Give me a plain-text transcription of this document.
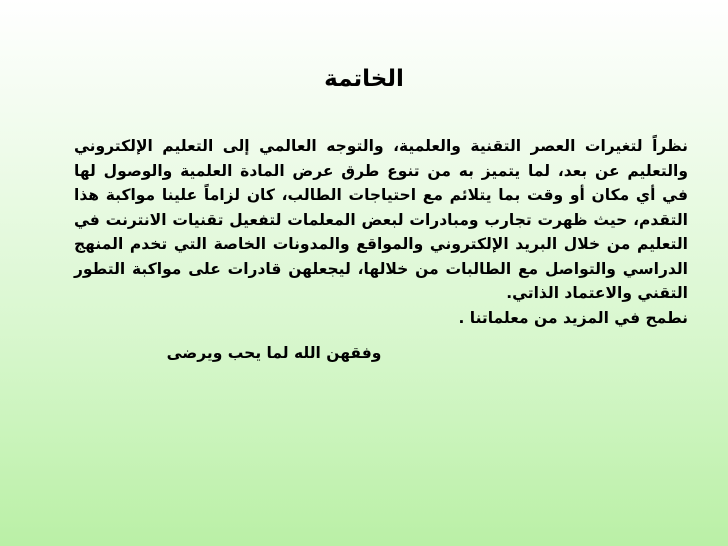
الخاتمة

نظراً لتغيرات العصر التقنية والعلمية، والتوجه العالمي إلى التعليم الإلكتروني والتعليم عن بعد، لما يتميز به من تنوع طرق عرض المادة العلمية والوصول لها في أي مكان أو وقت بما يتلائم مع احتياجات الطالب، كان لزاماً علينا مواكبة هذا التقدم، حيث ظهرت تجارب ومبادرات لبعض المعلمات لتفعيل تقنيات الانترنت في التعليم من خلال البريد الإلكتروني والمواقع والمدونات الخاصة التي تخدم المنهج الدراسي والتواصل مع الطالبات من خلالها، ليجعلهن قادرات على مواكبة التطور التقني والاعتماد الذاتي.
نطمح في المزيد من معلماتنا .

وفقهن الله لما يحب ويرضى
